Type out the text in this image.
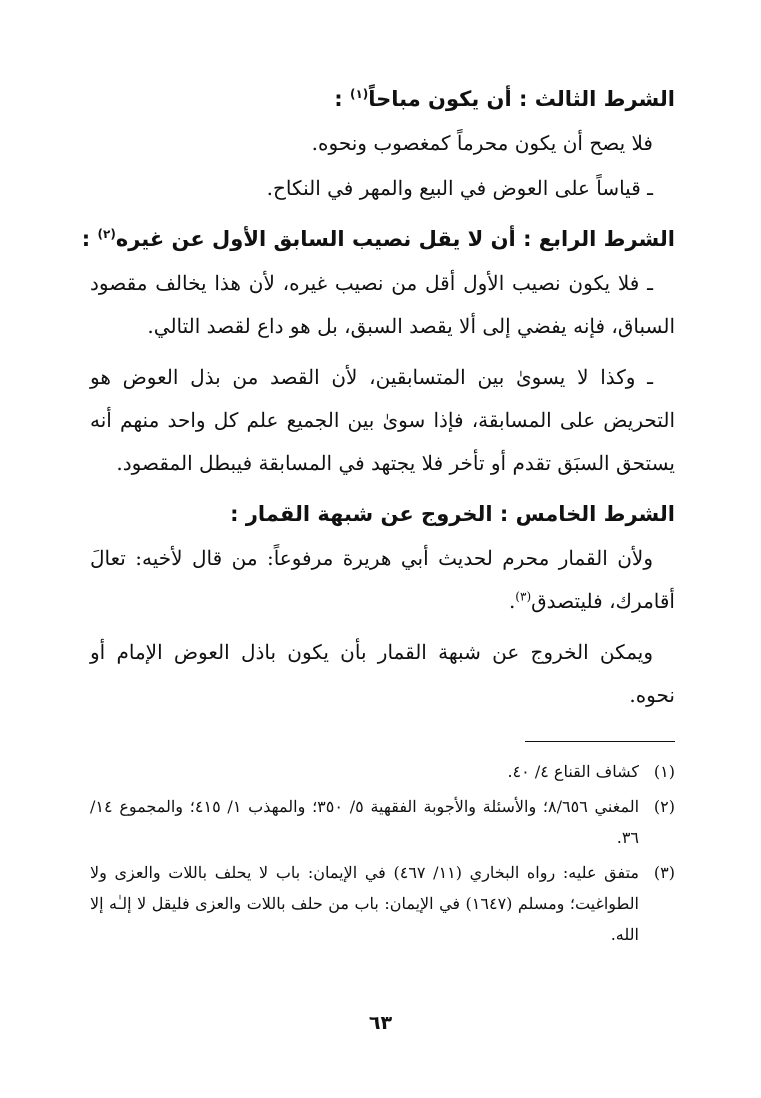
الشرط الثالث : أن يكون مباحاً$^{(١)}$ :

فلا يصح أن يكون محرماً كمغصوب ونحوه.

ـ قياساً على العوض في البيع والمهر في النكاح.

الشرط الرابع : أن لا يقل نصيب السابق الأول عن غيره$^{(٢)}$ :

ـ فلا يكون نصيب الأول أقل من نصيب غيره، لأن هذا يخالف مقصود السباق، فإنه يفضي إلى ألا يقصد السبق، بل هو داع لقصد التالي.

ـ وكذا لا يسوىٰ بين المتسابقين، لأن القصد من بذل العوض هو التحريض على المسابقة، فإذا سوىٰ بين الجميع علم كل واحد منهم أنه يستحق السبَق تقدم أو تأخر فلا يجتهد في المسابقة فيبطل المقصود.

الشرط الخامس : الخروج عن شبهة القمار :

ولأن القمار محرم لحديث أبي هريرة مرفوعاً: من قال لأخيه: تعالَ أقامرك، فليتصدق$^{(٣)}$.

ويمكن الخروج عن شبهة القمار بأن يكون باذل العوض الإمام أو نحوه.

(١)
كشاف القناع ٤/ ٤٠.
(٢)
المغني ٨/٦٥٦؛ والأسئلة والأجوبة الفقهية ٥/ ٣٥٠؛ والمهذب ١/ ٤١٥؛ والمجموع ١٤/ ٣٦.
(٣)
متفق عليه: رواه البخاري (١١/ ٤٦٧) في الإيمان: باب لا يحلف باللات والعزى ولا الطواغيت؛ ومسلم (١٦٤٧) في الإيمان: باب من حلف باللات والعزى فليقل لا إلـٰه إلا الله.
٦٣
